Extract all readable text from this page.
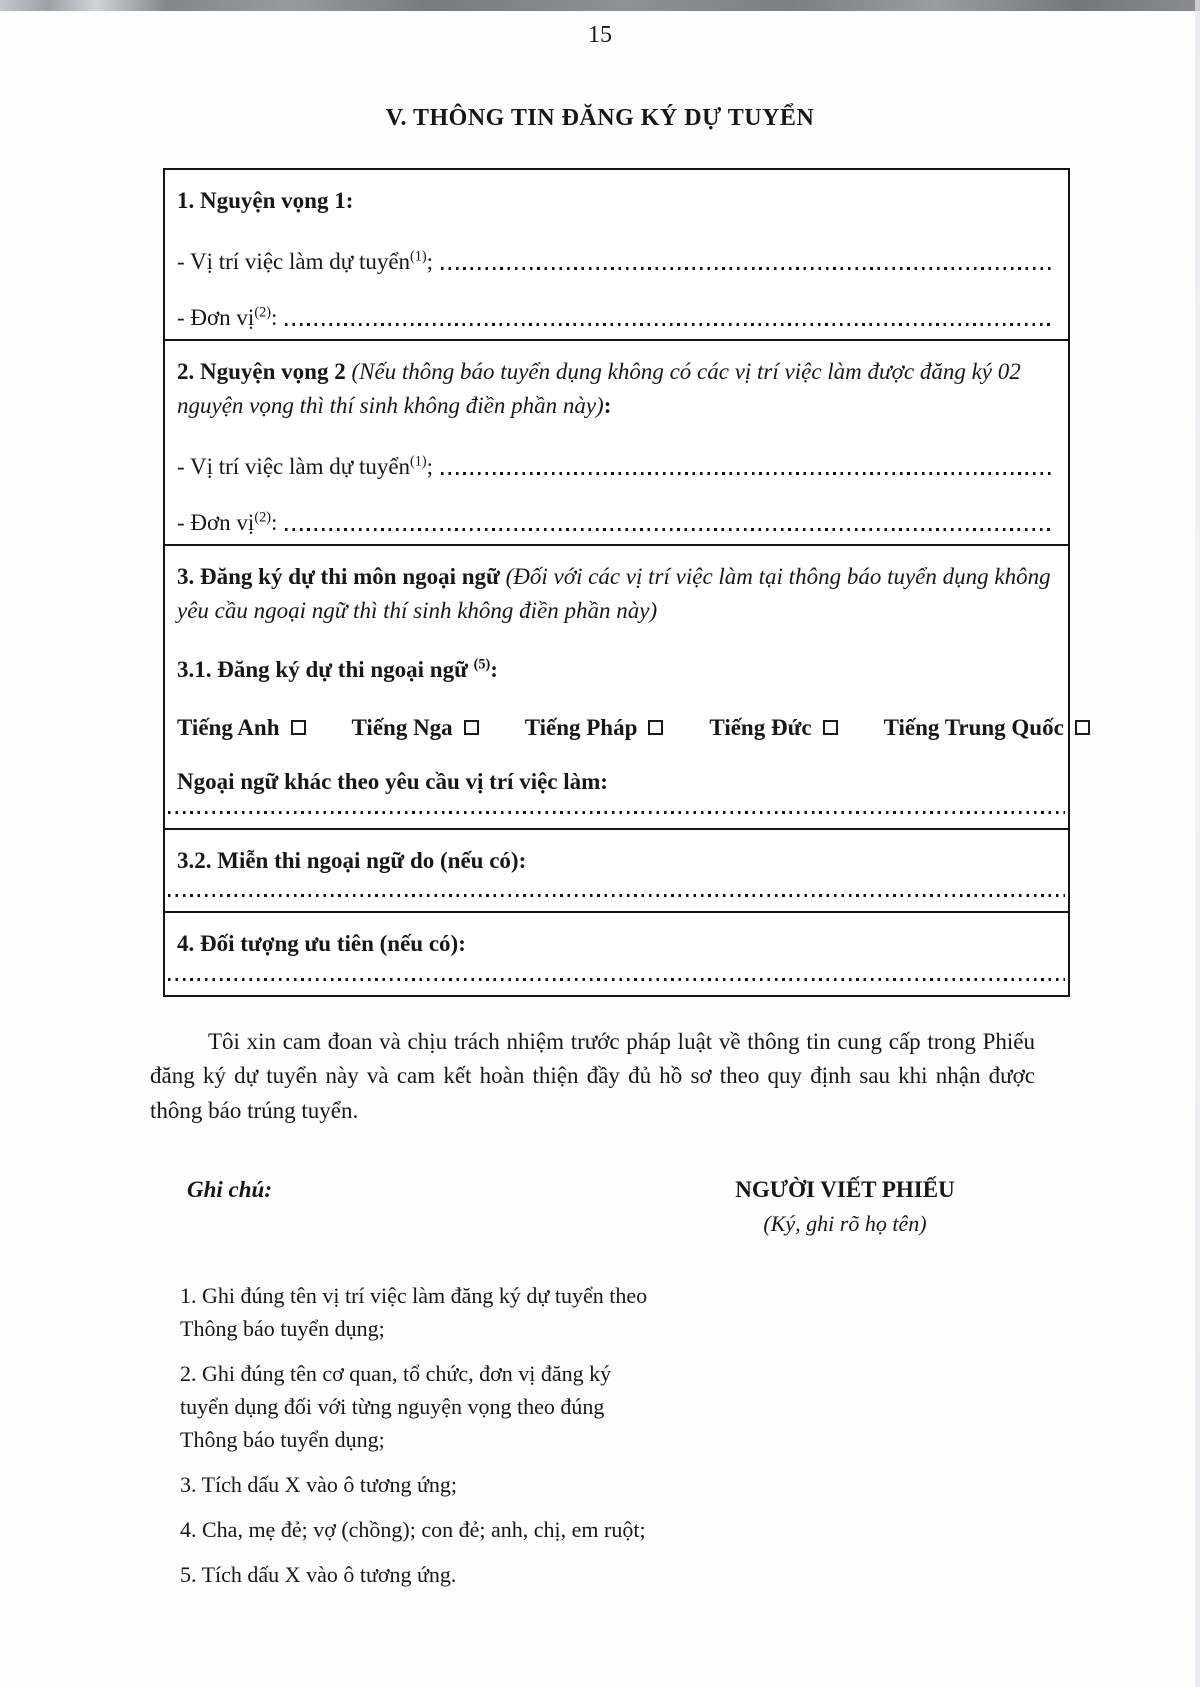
15
V. THÔNG TIN ĐĂNG KÝ DỰ TUYỂN
1. Nguyện vọng 1:
- Vị trí việc làm dự tuyển$^{(1)}$;
- Đơn vị$^{(2)}$:
2. Nguyện vọng 2 (Nếu thông báo tuyển dụng không có các vị trí việc làm được đăng ký 02 nguyện vọng thì thí sinh không điền phần này):
- Vị trí việc làm dự tuyển$^{(1)}$;
- Đơn vị$^{(2)}$:
3. Đăng ký dự thi môn ngoại ngữ (Đối với các vị trí việc làm tại thông báo tuyển dụng không yêu cầu ngoại ngữ thì thí sinh không điền phần này)
3.1. Đăng ký dự thi ngoại ngữ $^{(5)}$:
Tiếng Anh	Tiếng Nga	Tiếng Pháp	Tiếng Đức	Tiếng Trung Quốc
Ngoại ngữ khác theo yêu cầu vị trí việc làm:
3.2. Miễn thi ngoại ngữ do (nếu có):
4. Đối tượng ưu tiên (nếu có):

Tôi xin cam đoan và chịu trách nhiệm trước pháp luật về thông tin cung cấp trong Phiếu đăng ký dự tuyển này và cam kết hoàn thiện đầy đủ hồ sơ theo quy định sau khi nhận được thông báo trúng tuyển.

Ghi chú:	NGƯỜI VIẾT PHIẾU
(Ký, ghi rõ họ tên)
1. Ghi đúng tên vị trí việc làm đăng ký dự tuyển theo Thông báo tuyển dụng;
2. Ghi đúng tên cơ quan, tổ chức, đơn vị đăng ký tuyển dụng đối với từng nguyện vọng theo đúng Thông báo tuyển dụng;
3. Tích dấu X vào ô tương ứng;
4. Cha, mẹ đẻ; vợ (chồng); con đẻ; anh, chị, em ruột;
5. Tích dấu X vào ô tương ứng.
